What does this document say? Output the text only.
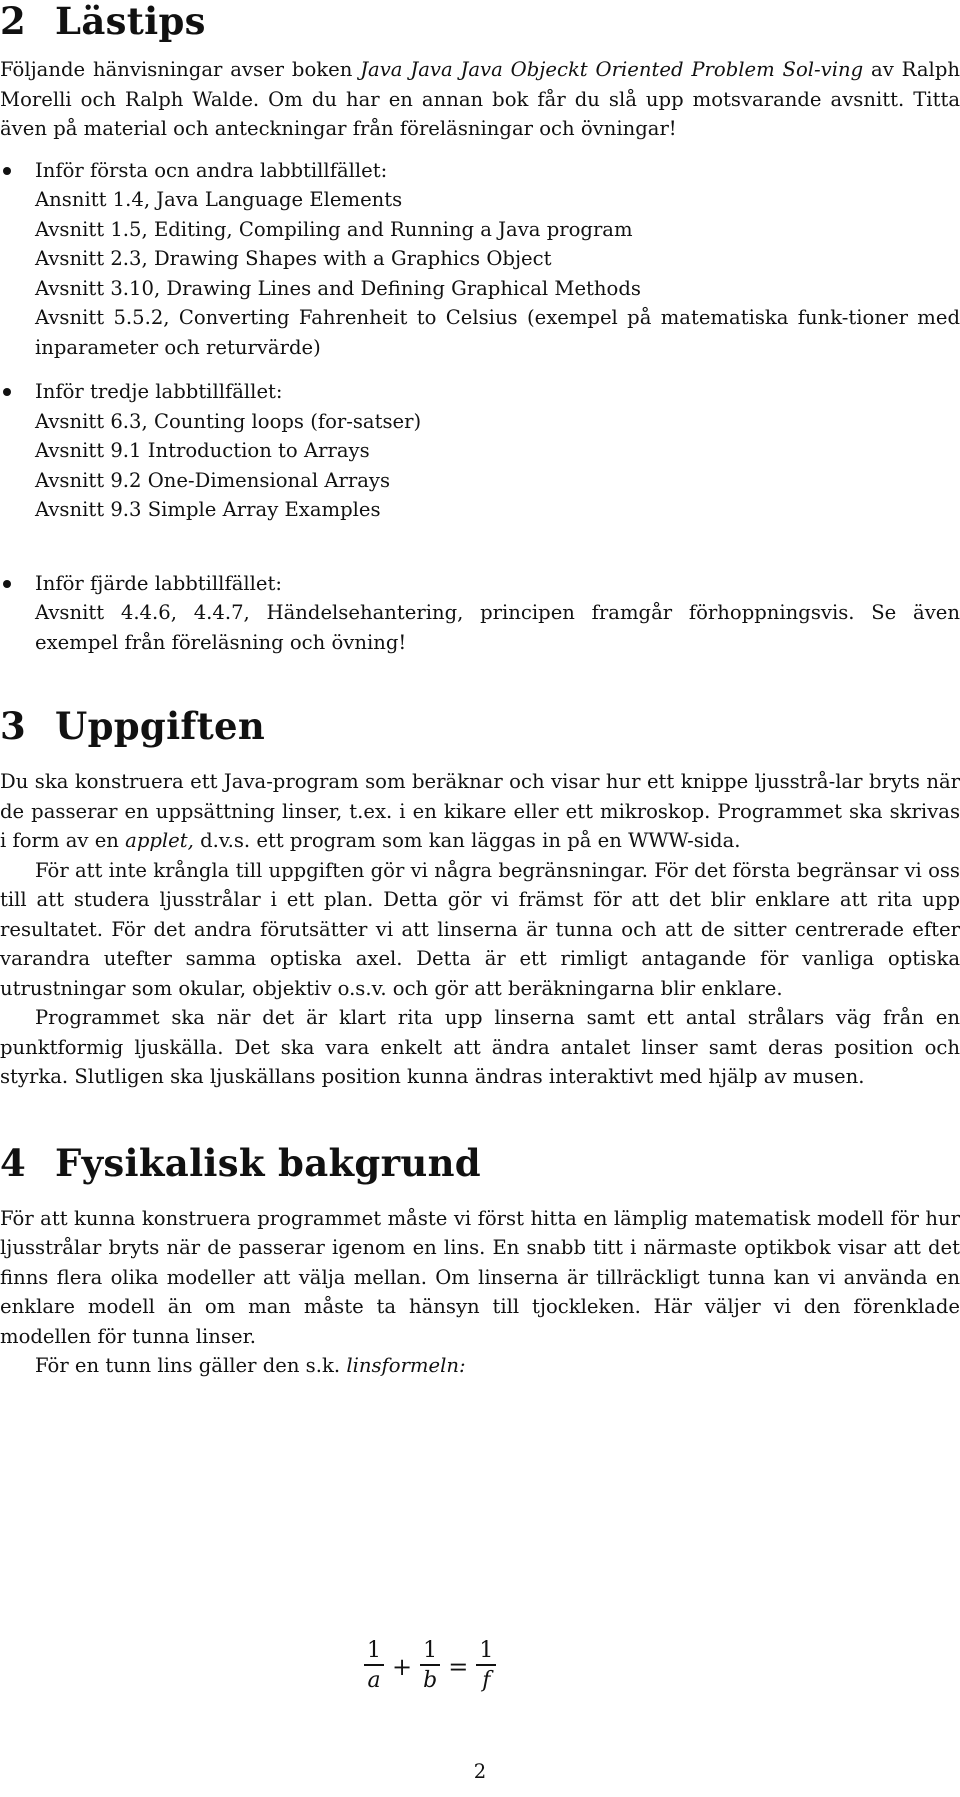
2 Lästips

Följande hänvisningar avser boken Java Java Java Objeckt Oriented Problem Sol-ving av Ralph Morelli och Ralph Walde. Om du har en annan bok får du slå upp motsvarande avsnitt. Titta även på material och anteckningar från föreläsningar och övningar!

Inför första ocn andra labbtillfället:
Ansnitt 1.4, Java Language Elements
Avsnitt 1.5, Editing, Compiling and Running a Java program
Avsnitt 2.3, Drawing Shapes with a Graphics Object
Avsnitt 3.10, Drawing Lines and Defining Graphical Methods
Avsnitt 5.5.2, Converting Fahrenheit to Celsius (exempel på matematiska funk-tioner med inparameter och returvärde)
Inför tredje labbtillfället:
Avsnitt 6.3, Counting loops (for-satser)
Avsnitt 9.1 Introduction to Arrays
Avsnitt 9.2 One-Dimensional Arrays
Avsnitt 9.3 Simple Array Examples
Inför fjärde labbtillfället:
Avsnitt 4.4.6, 4.4.7, Händelsehantering, principen framgår förhoppningsvis. Se även exempel från föreläsning och övning!
3 Uppgiften

Du ska konstruera ett Java-program som beräknar och visar hur ett knippe ljusstrå-lar bryts när de passerar en uppsättning linser, t.ex. i en kikare eller ett mikroskop. Programmet ska skrivas i form av en applet, d.v.s. ett program som kan läggas in på en WWW-sida.

För att inte krångla till uppgiften gör vi några begränsningar. För det första begränsar vi oss till att studera ljusstrålar i ett plan. Detta gör vi främst för att det blir enklare att rita upp resultatet. För det andra förutsätter vi att linserna är tunna och att de sitter centrerade efter varandra utefter samma optiska axel. Detta är ett rimligt antagande för vanliga optiska utrustningar som okular, objektiv o.s.v. och gör att beräkningarna blir enklare.

Programmet ska när det är klart rita upp linserna samt ett antal strålars väg från en punktformig ljuskälla. Det ska vara enkelt att ändra antalet linser samt deras position och styrka. Slutligen ska ljuskällans position kunna ändras interaktivt med hjälp av musen.

4 Fysikalisk bakgrund

För att kunna konstruera programmet måste vi först hitta en lämplig matematisk modell för hur ljusstrålar bryts när de passerar igenom en lins. En snabb titt i närmaste optikbok visar att det finns flera olika modeller att välja mellan. Om linserna är tillräckligt tunna kan vi använda en enklare modell än om man måste ta hänsyn till tjockleken. Här väljer vi den förenklade modellen för tunna linser.

För en tunn lins gäller den s.k. linsformeln:

$\frac{1}{a} + \frac{1}{b} = \frac{1}{f}$
2
